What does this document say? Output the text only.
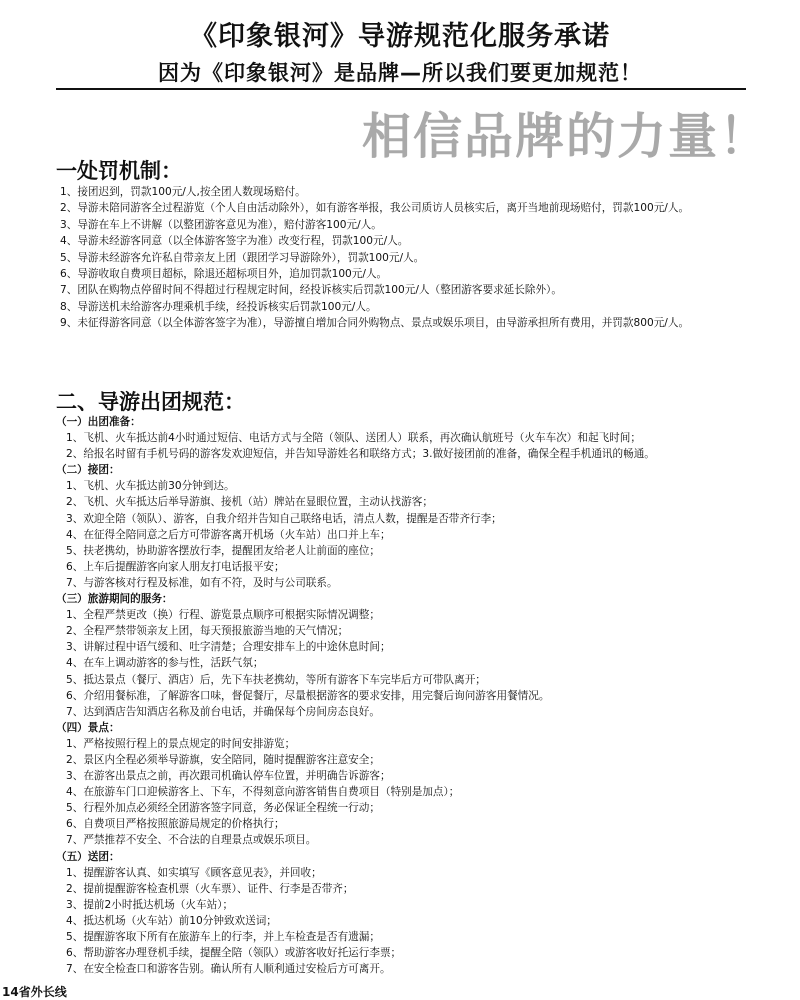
《印象银河》导游规范化服务承诺
因为《印象银河》是品牌—所以我们要更加规范！
相信品牌的力量！
一处罚机制：
1、接团迟到，罚款100元/人,按全团人数现场赔付。
2、导游未陪同游客全过程游览（个人自由活动除外），如有游客举报，我公司质访人员核实后，离开当地前现场赔付，罚款100元/人。
3、导游在车上不讲解（以整团游客意见为准），赔付游客100元/人。
4、导游未经游客同意（以全体游客签字为准）改变行程，罚款100元/人。
5、导游未经游客允许私自带亲友上团（跟团学习导游除外），罚款100元/人。
6、导游收取自费项目超标，除退还超标项目外，追加罚款100元/人。
7、团队在购物点停留时间不得超过行程规定时间，经投诉核实后罚款100元/人（整团游客要求延长除外）。
8、导游送机未给游客办理乘机手续，经投诉核实后罚款100元/人。
9、未征得游客同意（以全体游客签字为准），导游擅自增加合同外购物点、景点或娱乐项目，由导游承担所有费用，并罚款800元/人。
二、导游出团规范：
（一）出团准备：
1、飞机、火车抵达前4小时通过短信、电话方式与全陪（领队、送团人）联系，再次确认航班号（火车车次）和起飞时间；
2、给报名时留有手机号码的游客发欢迎短信，并告知导游姓名和联络方式；3.做好接团前的准备，确保全程手机通讯的畅通。
（二）接团：
1、飞机、火车抵达前30分钟到达。
2、飞机、火车抵达后举导游旗、接机（站）牌站在显眼位置，主动认找游客；
3、欢迎全陪（领队）、游客，自我介绍并告知自己联络电话，清点人数，提醒是否带齐行李；
4、在征得全陪同意之后方可带游客离开机场（火车站）出口并上车；
5、扶老携幼，协助游客摆放行李，提醒团友给老人让前面的座位；
6、上车后提醒游客向家人朋友打电话报平安；
7、与游客核对行程及标准，如有不符，及时与公司联系。
（三）旅游期间的服务：
1、全程严禁更改（换）行程、游览景点顺序可根据实际情况调整；
2、全程严禁带领亲友上团，每天预报旅游当地的天气情况；
3、讲解过程中语气缓和、吐字清楚；合理安排车上的中途休息时间；
4、在车上调动游客的参与性，活跃气氛；
5、抵达景点（餐厅、酒店）后，先下车扶老携幼，等所有游客下车完毕后方可带队离开；
6、介绍用餐标准，了解游客口味，督促餐厅，尽量根据游客的要求安排，用完餐后询问游客用餐情况。
7、达到酒店告知酒店名称及前台电话，并确保每个房间房态良好。
（四）景点：
1、严格按照行程上的景点规定的时间安排游览；
2、景区内全程必须举导游旗，安全陪同，随时提醒游客注意安全；
3、在游客出景点之前，再次跟司机确认停车位置，并明确告诉游客；
4、在旅游车门口迎候游客上、下车，不得刻意向游客销售自费项目（特别是加点）；
5、行程外加点必须经全团游客签字同意，务必保证全程统一行动；
6、自费项目严格按照旅游局规定的价格执行；
7、严禁推荐不安全、不合法的自理景点或娱乐项目。
（五）送团：
1、提醒游客认真、如实填写《顾客意见表》，并回收；
2、提前提醒游客检查机票（火车票）、证件、行李是否带齐；
3、提前2小时抵达机场（火车站）；
4、抵达机场（火车站）前10分钟致欢送词；
5、提醒游客取下所有在旅游车上的行李，并上车检查是否有遗漏；
6、帮助游客办理登机手续，提醒全陪（领队）或游客收好托运行李票；
7、在安全检查口和游客告别。确认所有人顺利通过安检后方可离开。
14省外长线
